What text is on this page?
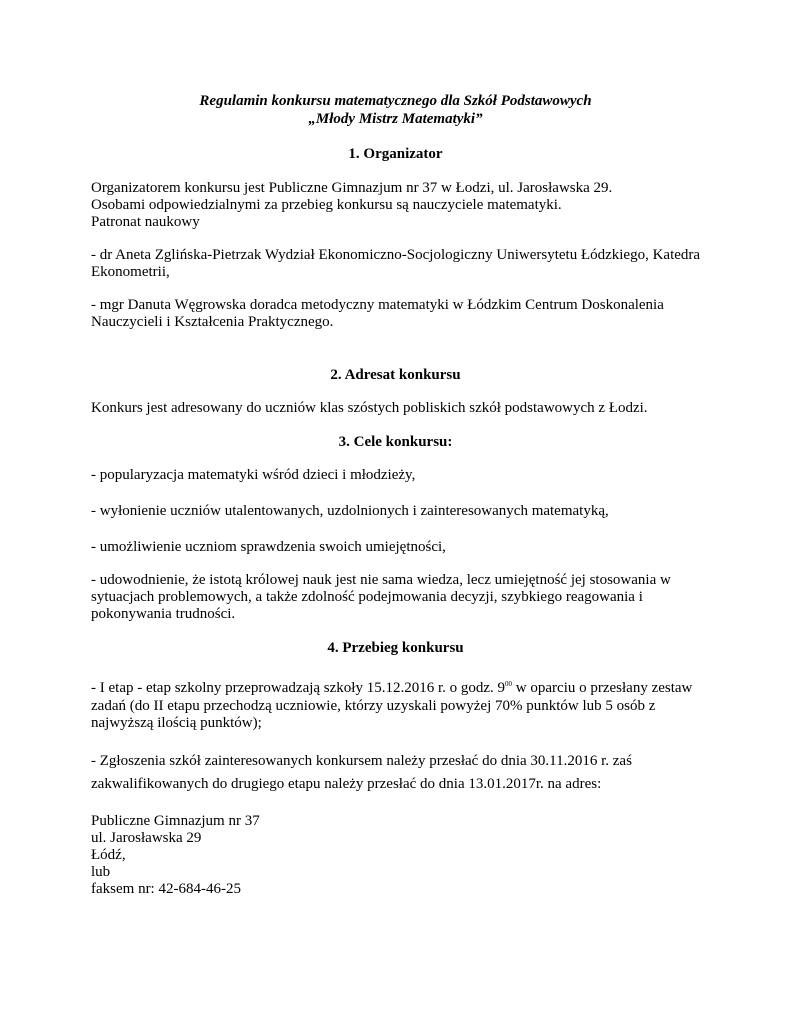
Regulamin konkursu matematycznego dla Szkół Podstawowych
„Młody Mistrz Matematyki”
1. Organizator
Organizatorem konkursu jest Publiczne Gimnazjum nr 37 w Łodzi, ul. Jarosławska 29.
Osobami odpowiedzialnymi za przebieg konkursu są nauczyciele matematyki.
Patronat naukowy
- dr Aneta Zglińska-Pietrzak Wydział Ekonomiczno-Socjologiczny Uniwersytetu Łódzkiego, Katedra
Ekonometrii,
- mgr Danuta Węgrowska doradca metodyczny matematyki w Łódzkim Centrum Doskonalenia
Nauczycieli i Kształcenia Praktycznego.
2. Adresat konkursu
Konkurs jest adresowany do uczniów klas szóstych pobliskich szkół podstawowych z Łodzi.
3. Cele konkursu:
- popularyzacja matematyki wśród dzieci i młodzieży,
- wyłonienie uczniów utalentowanych, uzdolnionych i zainteresowanych matematyką,
- umożliwienie uczniom sprawdzenia swoich umiejętności,
- udowodnienie, że istotą królowej nauk jest nie sama wiedza, lecz umiejętność jej stosowania w
sytuacjach problemowych, a także zdolność podejmowania decyzji, szybkiego reagowania i
pokonywania trudności.
4. Przebieg konkursu
- I etap - etap szkolny przeprowadzają szkoły 15.12.2016 r. o godz. $9^{00}$ w oparciu o przesłany zestaw
zadań (do II etapu przechodzą uczniowie, którzy uzyskali powyżej 70% punktów lub 5 osób z
najwyższą ilością punktów);
- Zgłoszenia szkół zainteresowanych konkursem należy przesłać do dnia 30.11.2016 r. zaś
zakwalifikowanych do drugiego etapu należy przesłać do dnia 13.01.2017r. na adres:
Publiczne Gimnazjum nr 37
ul. Jarosławska 29
Łódź,
lub
faksem nr: 42-684-46-25
